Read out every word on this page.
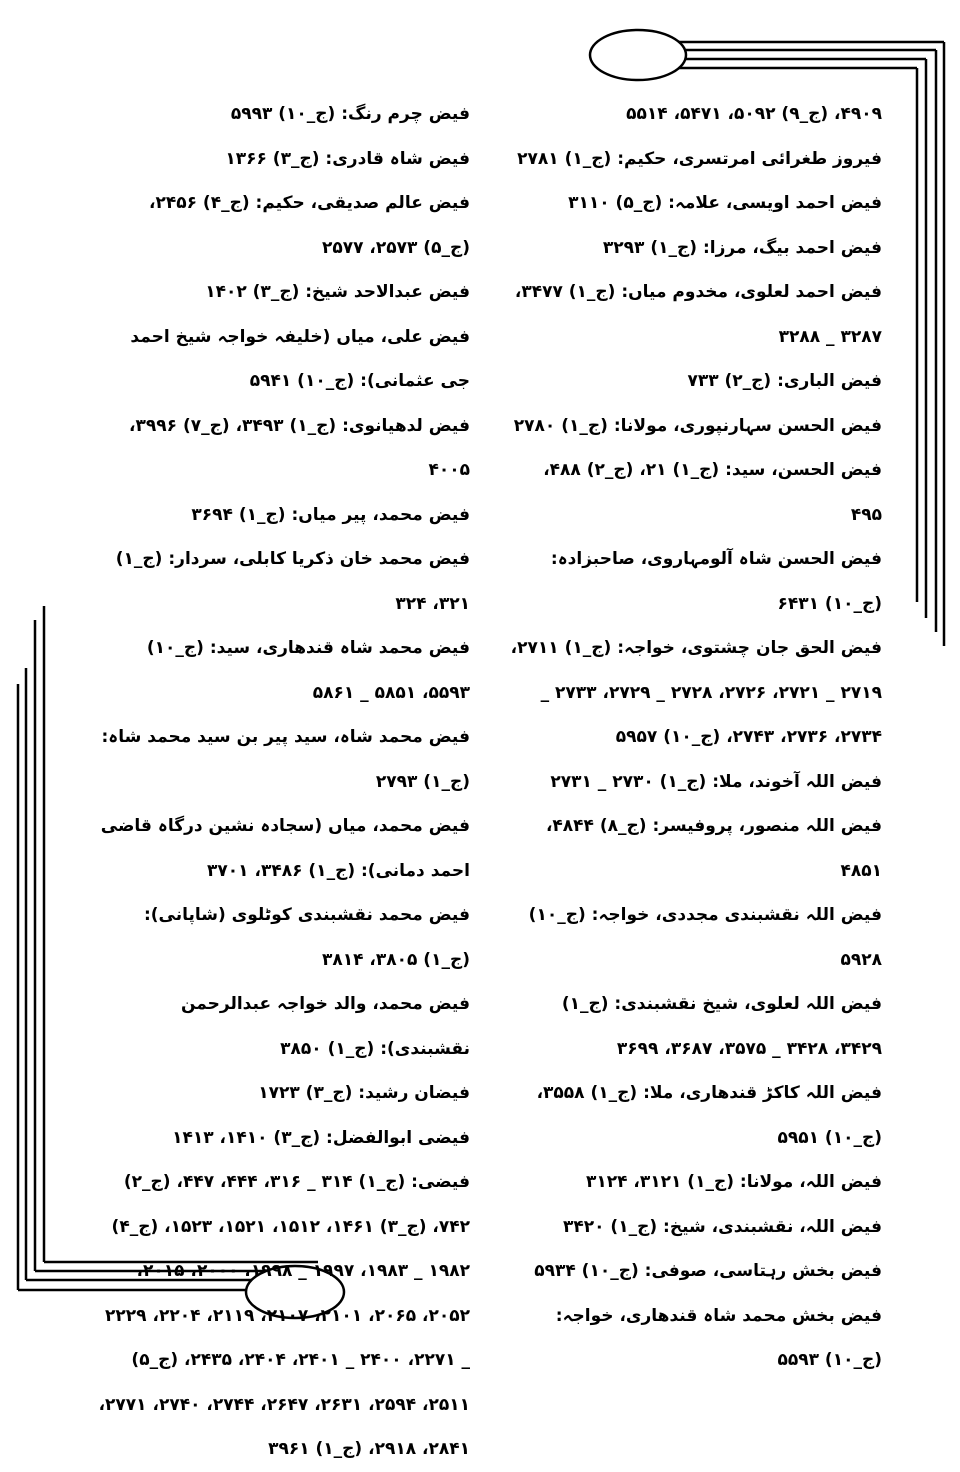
۴۹۰۹، (ج_۹) ۵۰۹۲، ۵۴۷۱، ۵۵۱۴

فیروز طغرائی امرتسری، حکیم: (ج_۱) ۲۷۸۱

فیض احمد اویسی، علامہ: (ج_۵) ۳۱۱۰

فیض احمد بیگ، مرزا: (ج_۱) ۳۲۹۳

فیض احمد لعلوی، مخدوم میاں: (ج_۱) ۳۴۷۷، ۳۲۸۷ _ ۳۲۸۸

فیض الباری: (ج_۲) ۷۳۳

فیض الحسن سہارنپوری، مولانا: (ج_۱) ۲۷۸۰

فیض الحسن، سید: (ج_۱) ۲۱، (ج_۲) ۴۸۸، ۴۹۵

فیض الحسن شاہ آلومہاروی، صاحبزادہ: (ج_۱۰) ۶۴۳۱

فیض الحق جان چشتوی، خواجہ: (ج_۱) ۲۷۱۱، ۲۷۱۹ _ ۲۷۲۱، ۲۷۲۶، ۲۷۲۸ _ ۲۷۲۹، ۲۷۳۳ _ ۲۷۳۴، ۲۷۳۶، ۲۷۴۳، (ج_۱۰) ۵۹۵۷

فیض اللہ آخوند، ملا: (ج_۱) ۲۷۳۰ _ ۲۷۳۱

فیض اللہ منصور، پروفیسر: (ج_۸) ۴۸۴۴، ۴۸۵۱

فیض اللہ نقشبندی مجددی، خواجہ: (ج_۱۰) ۵۹۲۸

فیض اللہ لعلوی، شیخ نقشبندی: (ج_۱) ۳۴۲۹، ۳۴۲۸ _ ۳۵۷۵، ۳۶۸۷، ۳۶۹۹

فیض اللہ کاکڑ قندھاری، ملا: (ج_۱) ۳۵۵۸، (ج_۱۰) ۵۹۵۱

فیض اللہ، مولانا: (ج_۱) ۳۱۲۱، ۳۱۲۴

فیض اللہ، نقشبندی، شیخ: (ج_۱) ۳۴۲۰

فیض بخش رہتاسی، صوفی: (ج_۱۰) ۵۹۳۴

فیض بخش محمد شاہ قندھاری، خواجہ: (ج_۱۰) ۵۵۹۳

فیض چرم رنگ: (ج_۱۰) ۵۹۹۳

فیض شاہ قادری: (ج_۳) ۱۳۶۶

فیض عالم صدیقی، حکیم: (ج_۴) ۲۴۵۶، (ج_۵) ۲۵۷۳، ۲۵۷۷

فیض عبدالاحد شیخ: (ج_۳) ۱۴۰۲

فیض علی، میاں (خلیفہ خواجہ شیخ احمد جی عثمانی): (ج_۱۰) ۵۹۴۱

فیض لدھیانوی: (ج_۱) ۳۴۹۳، (ج_۷) ۳۹۹۶، ۴۰۰۵

فیض محمد، پیر میاں: (ج_۱) ۳۶۹۴

فیض محمد خان ذکریا کابلی، سردار: (ج_۱) ۳۲۱، ۳۲۴

فیض محمد شاہ قندھاری، سید: (ج_۱۰) ۵۵۹۳، ۵۸۵۱ _ ۵۸۶۱

فیض محمد شاہ، سید پیر بن سید محمد شاہ: (ج_۱) ۲۷۹۳

فیض محمد، میاں (سجادہ نشین درگاہ قاضی احمد دمانی): (ج_۱) ۳۴۸۶، ۳۷۰۱

فیض محمد نقشبندی کوٹلوی (شاپانی): (ج_۱) ۳۸۰۵، ۳۸۱۴

فیض محمد، والد خواجہ عبدالرحمن نقشبندی): (ج_۱) ۳۸۵۰

فیضان رشید: (ج_۳) ۱۷۲۳

فیضی ابوالفضل: (ج_۳) ۱۴۱۰، ۱۴۱۳

فیضی: (ج_۱) ۳۱۴ _ ۳۱۶، ۴۴۴، ۴۴۷، (ج_۲) ۷۴۲، (ج_۳) ۱۴۶۱، ۱۵۱۲، ۱۵۲۱، ۱۵۲۳، (ج_۴) ۱۹۸۲ _ ۱۹۸۳، ۱۹۹۷ _ ۱۹۹۸، ۲۰۰۰، ۲۰۱۵، ۲۰۵۲، ۲۰۶۵، ۲۱۰۱، ۲۱۰۷، ۲۱۱۹، ۲۲۰۴، ۲۲۲۹ _ ۲۲۷۱، ۲۴۰۰ _ ۲۴۰۱، ۲۴۰۴، ۲۴۳۵، (ج_۵) ۲۵۱۱، ۲۵۹۴، ۲۶۳۱، ۲۶۴۷، ۲۷۴۴، ۲۷۴۰، ۲۷۷۱، ۲۸۴۱، ۲۹۱۸، (ج_۱) ۳۹۶۱
